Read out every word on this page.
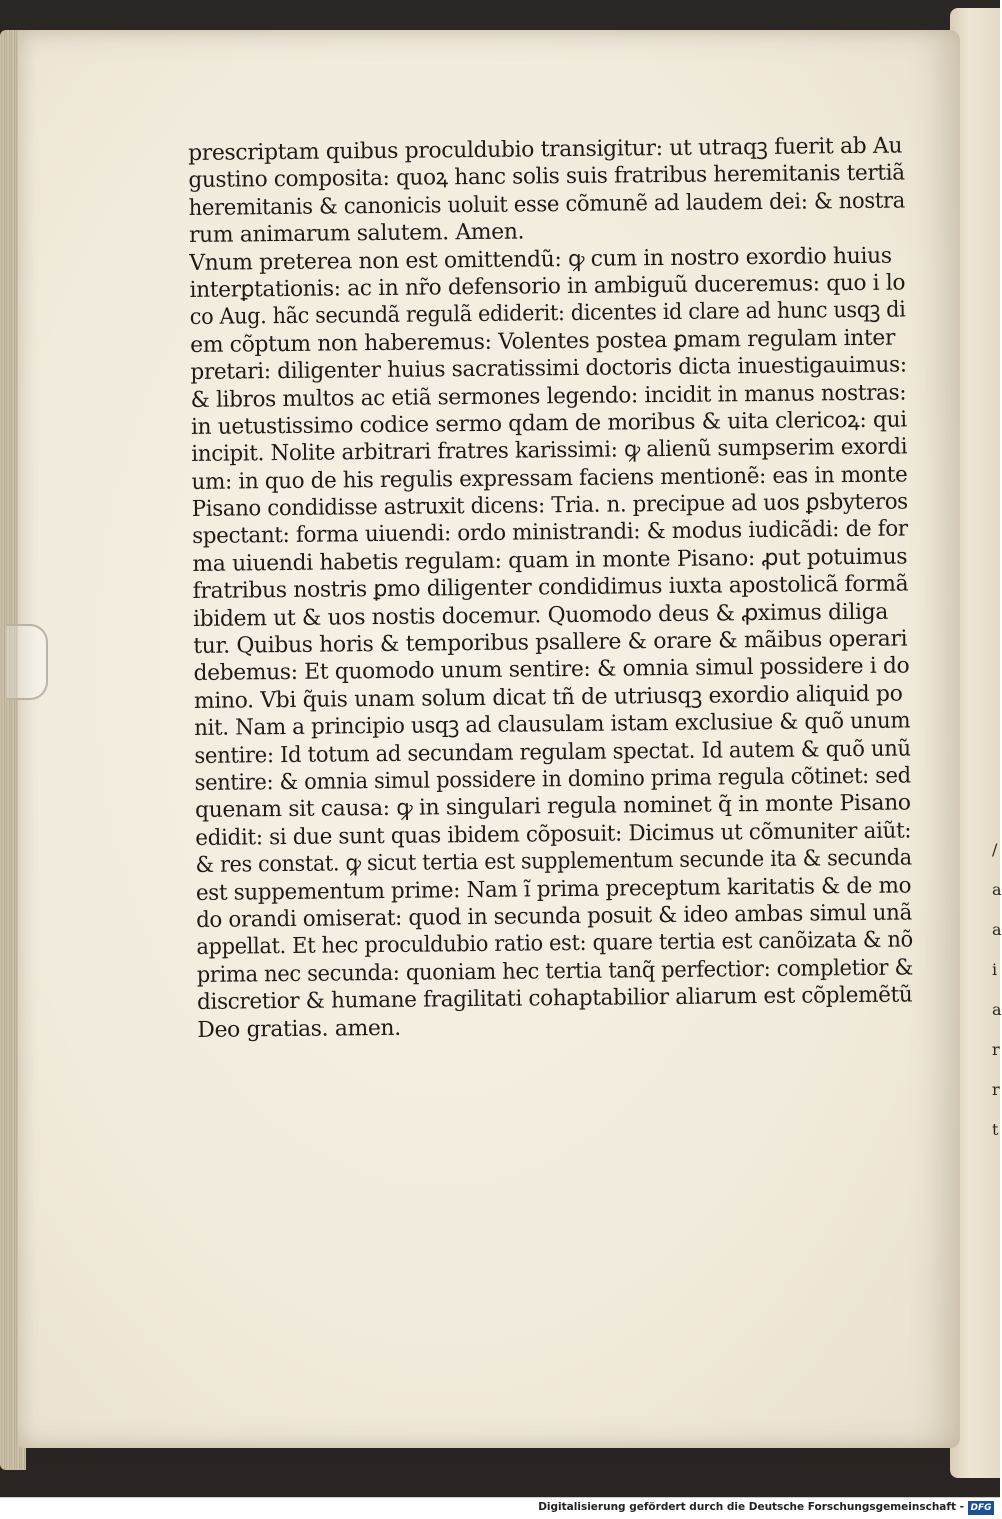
/
a
a
i
a
r
r
t
prescriptam quibus proculdubio transigitur: ut utraqꝫ fuerit ab Au
gustino composita: quoꝝ hanc solis suis fratribus heremitanis tertiã
heremitanis & canonicis uoluit esse cõmunẽ ad laudem dei: & nostra
rum animarum salutem. Amen.
Vnum preterea non est omittendũ: ꝙ cum in nostro exordio huius
interꝑtationis: ac in nr̃o defensorio in ambiguũ duceremus: quo i lo
co Aug. hãc secundã regulã ediderit: dicentes id clare ad hunc usqꝫ di
em cõptum non haberemus: Volentes postea ꝑmam regulam inter
pretari: diligenter huius sacratissimi doctoris dicta inuestigauimus:
& libros multos ac etiã sermones legendo: incidit in manus nostras:
in uetustissimo codice sermo qdam de moribus & uita clericoꝝ: qui
incipit. Nolite arbitrari fratres karissimi: ꝙ alienũ sumpserim exordi
um: in quo de his regulis expressam faciens mentionẽ: eas in monte
Pisano condidisse astruxit dicens: Tria. n. precipue ad uos ꝑsbyteros
spectant: forma uiuendi: ordo ministrandi: & modus iudicãdi: de for
ma uiuendi habetis regulam: quam in monte Pisano: ꝓut potuimus
fratribus nostris ꝑmo diligenter condidimus iuxta apostolicã formã
ibidem ut & uos nostis docemur. Quomodo deus & ꝓximus diliga
tur. Quibus horis & temporibus psallere & orare & mãibus operari
debemus: Et quomodo unum sentire: & omnia simul possidere i do
mino. Vbi q̃uis unam solum dicat tñ de utriusqꝫ exordio aliquid po
nit. Nam a principio usqꝫ ad clausulam istam exclusiue & quõ unum
sentire: Id totum ad secundam regulam spectat. Id autem & quõ unũ
sentire: & omnia simul possidere in domino prima regula cõtinet: sed
quenam sit causa: ꝙ in singulari regula nominet q̃ in monte Pisano
edidit: si due sunt quas ibidem cõposuit: Dicimus ut cõmuniter aiũt:
& res constat. ꝙ sicut tertia est supplementum secunde ita & secunda
est suppementum prime: Nam ĩ prima preceptum karitatis & de mo
do orandi omiserat: quod in secunda posuit & ideo ambas simul unã
appellat. Et hec proculdubio ratio est: quare tertia est canõizata & nõ
prima nec secunda: quoniam hec tertia tanq̃ perfectior: completior &
discretior & humane fragilitati cohaptabilior aliarum est cõplemẽtũ
Deo gratias. amen.
Digitalisierung gefördert durch die Deutsche Forschungsgemeinschaft - DFG
